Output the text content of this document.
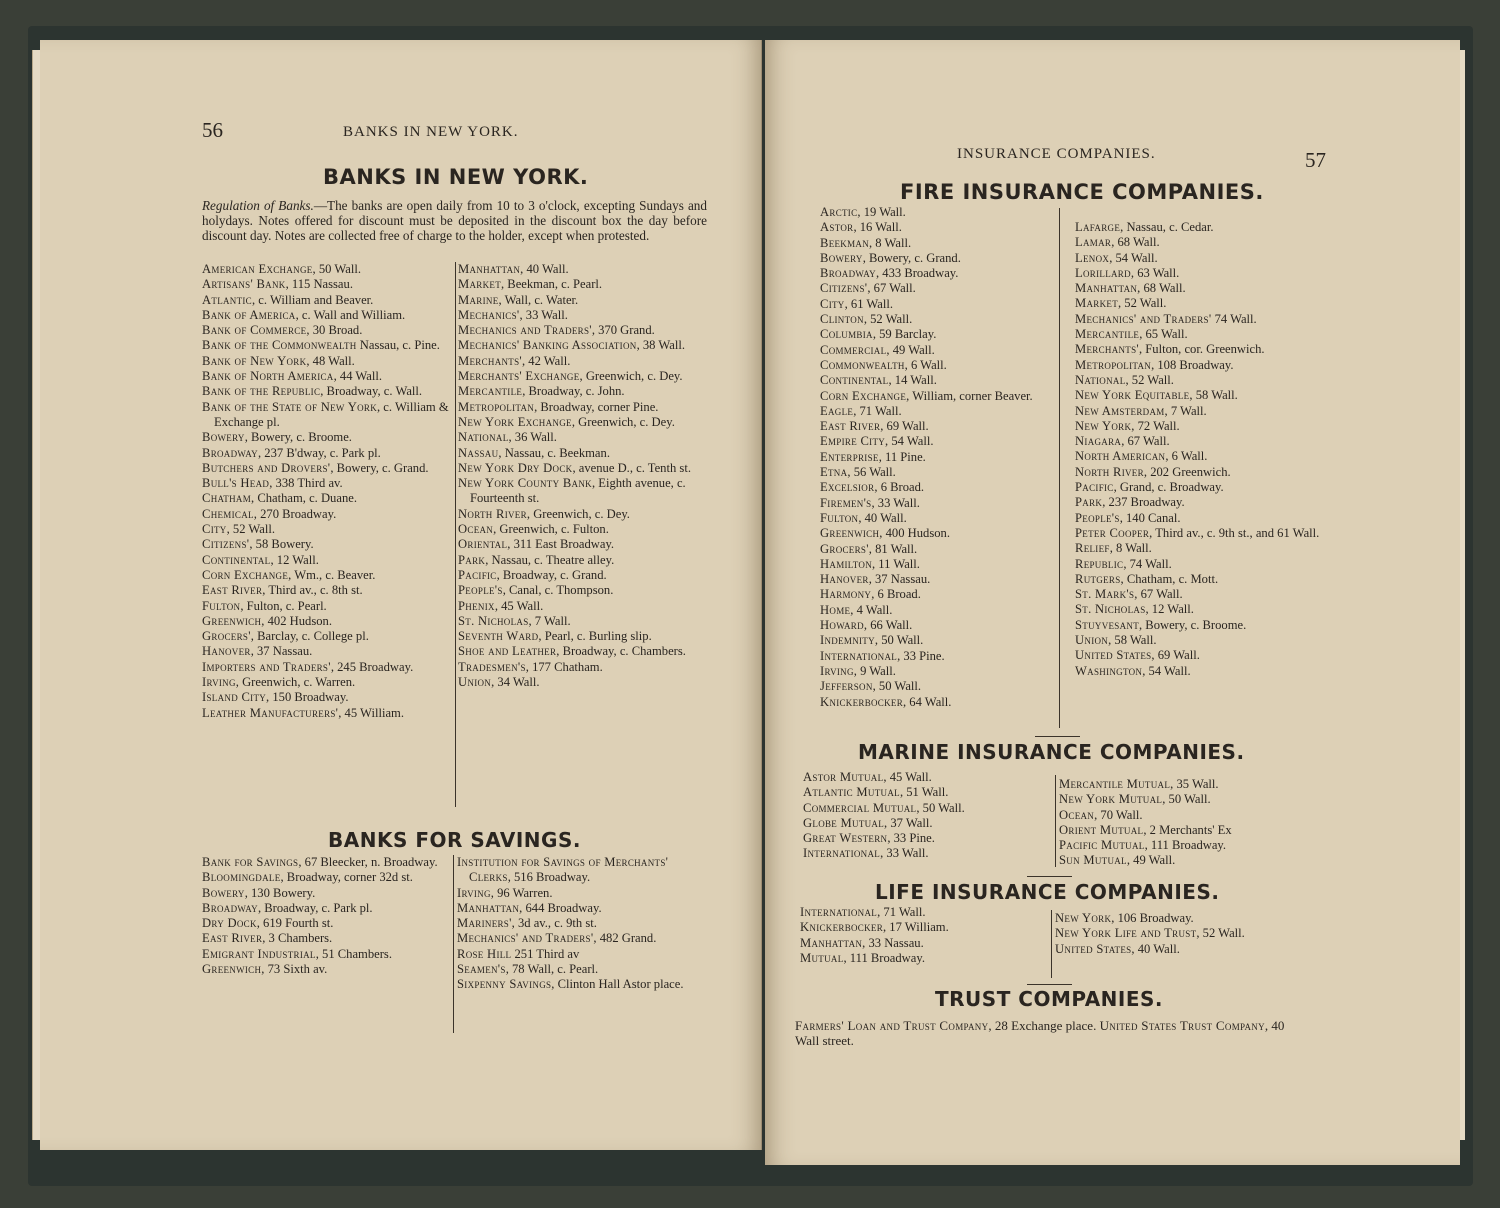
56	BANKS IN NEW YORK.
BANKS IN NEW YORK.
Regulation of Banks.—The banks are open daily from 10 to 3 o'clock, excepting Sundays and holydays. Notes offered for discount must be deposited in the discount box the day before discount day. Notes are collected free of charge to the holder, except when protested.

American Exchange, 50 Wall.

Artisans' Bank, 115 Nassau.

Atlantic, c. William and Beaver.

Bank of America, c. Wall and William.

Bank of Commerce, 30 Broad.

Bank of the Commonwealth Nassau, c. Pine.

Bank of New York, 48 Wall.

Bank of North America, 44 Wall.

Bank of the Republic, Broadway, c. Wall.

Bank of the State of New York, c. William & Exchange pl.

Bowery, Bowery, c. Broome.

Broadway, 237 B'dway, c. Park pl.

Butchers and Drovers', Bowery, c. Grand.

Bull's Head, 338 Third av.

Chatham, Chatham, c. Duane.

Chemical, 270 Broadway.

City, 52 Wall.

Citizens', 58 Bowery.

Continental, 12 Wall.

Corn Exchange, Wm., c. Beaver.

East River, Third av., c. 8th st.

Fulton, Fulton, c. Pearl.

Greenwich, 402 Hudson.

Grocers', Barclay, c. College pl.

Hanover, 37 Nassau.

Importers and Traders', 245 Broadway.

Irving, Greenwich, c. Warren.

Island City, 150 Broadway.

Leather Manufacturers', 45 William.

Manhattan, 40 Wall.

Market, Beekman, c. Pearl.

Marine, Wall, c. Water.

Mechanics', 33 Wall.

Mechanics and Traders', 370 Grand.

Mechanics' Banking Association, 38 Wall.

Merchants', 42 Wall.

Merchants' Exchange, Greenwich, c. Dey.

Mercantile, Broadway, c. John.

Metropolitan, Broadway, corner Pine.

New York Exchange, Greenwich, c. Dey.

National, 36 Wall.

Nassau, Nassau, c. Beekman.

New York Dry Dock, avenue D., c. Tenth st.

New York County Bank, Eighth avenue, c. Fourteenth st.

North River, Greenwich, c. Dey.

Ocean, Greenwich, c. Fulton.

Oriental, 311 East Broadway.

Park, Nassau, c. Theatre alley.

Pacific, Broadway, c. Grand.

People's, Canal, c. Thompson.

Phenix, 45 Wall.

St. Nicholas, 7 Wall.

Seventh Ward, Pearl, c. Burling slip.

Shoe and Leather, Broadway, c. Chambers.

Tradesmen's, 177 Chatham.

Union, 34 Wall.

BANKS FOR SAVINGS.

Bank for Savings, 67 Bleecker, n. Broadway.

Bloomingdale, Broadway, corner 32d st.

Bowery, 130 Bowery.

Broadway, Broadway, c. Park pl.

Dry Dock, 619 Fourth st.

East River, 3 Chambers.

Emigrant Industrial, 51 Chambers.

Greenwich, 73 Sixth av.

Institution for Savings of Merchants' Clerks, 516 Broadway.

Irving, 96 Warren.

Manhattan, 644 Broadway.

Mariners', 3d av., c. 9th st.

Mechanics' and Traders', 482 Grand.

Rose Hill 251 Third av

Seamen's, 78 Wall, c. Pearl.

Sixpenny Savings, Clinton Hall Astor place.

INSURANCE COMPANIES.	57
FIRE INSURANCE COMPANIES.

Arctic, 19 Wall.

Astor, 16 Wall.

Beekman, 8 Wall.

Bowery, Bowery, c. Grand.

Broadway, 433 Broadway.

Citizens', 67 Wall.

City, 61 Wall.

Clinton, 52 Wall.

Columbia, 59 Barclay.

Commercial, 49 Wall.

Commonwealth, 6 Wall.

Continental, 14 Wall.

Corn Exchange, William, corner Beaver.

Eagle, 71 Wall.

East River, 69 Wall.

Empire City, 54 Wall.

Enterprise, 11 Pine.

Etna, 56 Wall.

Excelsior, 6 Broad.

Firemen's, 33 Wall.

Fulton, 40 Wall.

Greenwich, 400 Hudson.

Grocers', 81 Wall.

Hamilton, 11 Wall.

Hanover, 37 Nassau.

Harmony, 6 Broad.

Home, 4 Wall.

Howard, 66 Wall.

Indemnity, 50 Wall.

International, 33 Pine.

Irving, 9 Wall.

Jefferson, 50 Wall.

Knickerbocker, 64 Wall.

Lafarge, Nassau, c. Cedar.

Lamar, 68 Wall.

Lenox, 54 Wall.

Lorillard, 63 Wall.

Manhattan, 68 Wall.

Market, 52 Wall.

Mechanics' and Traders' 74 Wall.

Mercantile, 65 Wall.

Merchants', Fulton, cor. Greenwich.

Metropolitan, 108 Broadway.

National, 52 Wall.

New York Equitable, 58 Wall.

New Amsterdam, 7 Wall.

New York, 72 Wall.

Niagara, 67 Wall.

North American, 6 Wall.

North River, 202 Greenwich.

Pacific, Grand, c. Broadway.

Park, 237 Broadway.

People's, 140 Canal.

Peter Cooper, Third av., c. 9th st., and 61 Wall.

Relief, 8 Wall.

Republic, 74 Wall.

Rutgers, Chatham, c. Mott.

St. Mark's, 67 Wall.

St. Nicholas, 12 Wall.

Stuyvesant, Bowery, c. Broome.

Union, 58 Wall.

United States, 69 Wall.

Washington, 54 Wall.

MARINE INSURANCE COMPANIES.

Astor Mutual, 45 Wall.

Atlantic Mutual, 51 Wall.

Commercial Mutual, 50 Wall.

Globe Mutual, 37 Wall.

Great Western, 33 Pine.

International, 33 Wall.

Mercantile Mutual, 35 Wall.

New York Mutual, 50 Wall.

Ocean, 70 Wall.

Orient Mutual, 2 Merchants' Ex

Pacific Mutual, 111 Broadway.

Sun Mutual, 49 Wall.

LIFE INSURANCE COMPANIES.

International, 71 Wall.

Knickerbocker, 17 William.

Manhattan, 33 Nassau.

Mutual, 111 Broadway.

New York, 106 Broadway.

New York Life and Trust, 52 Wall.

United States, 40 Wall.

TRUST COMPANIES.
Farmers' Loan and Trust Company, 28 Exchange place. United States Trust Company, 40 Wall street.
